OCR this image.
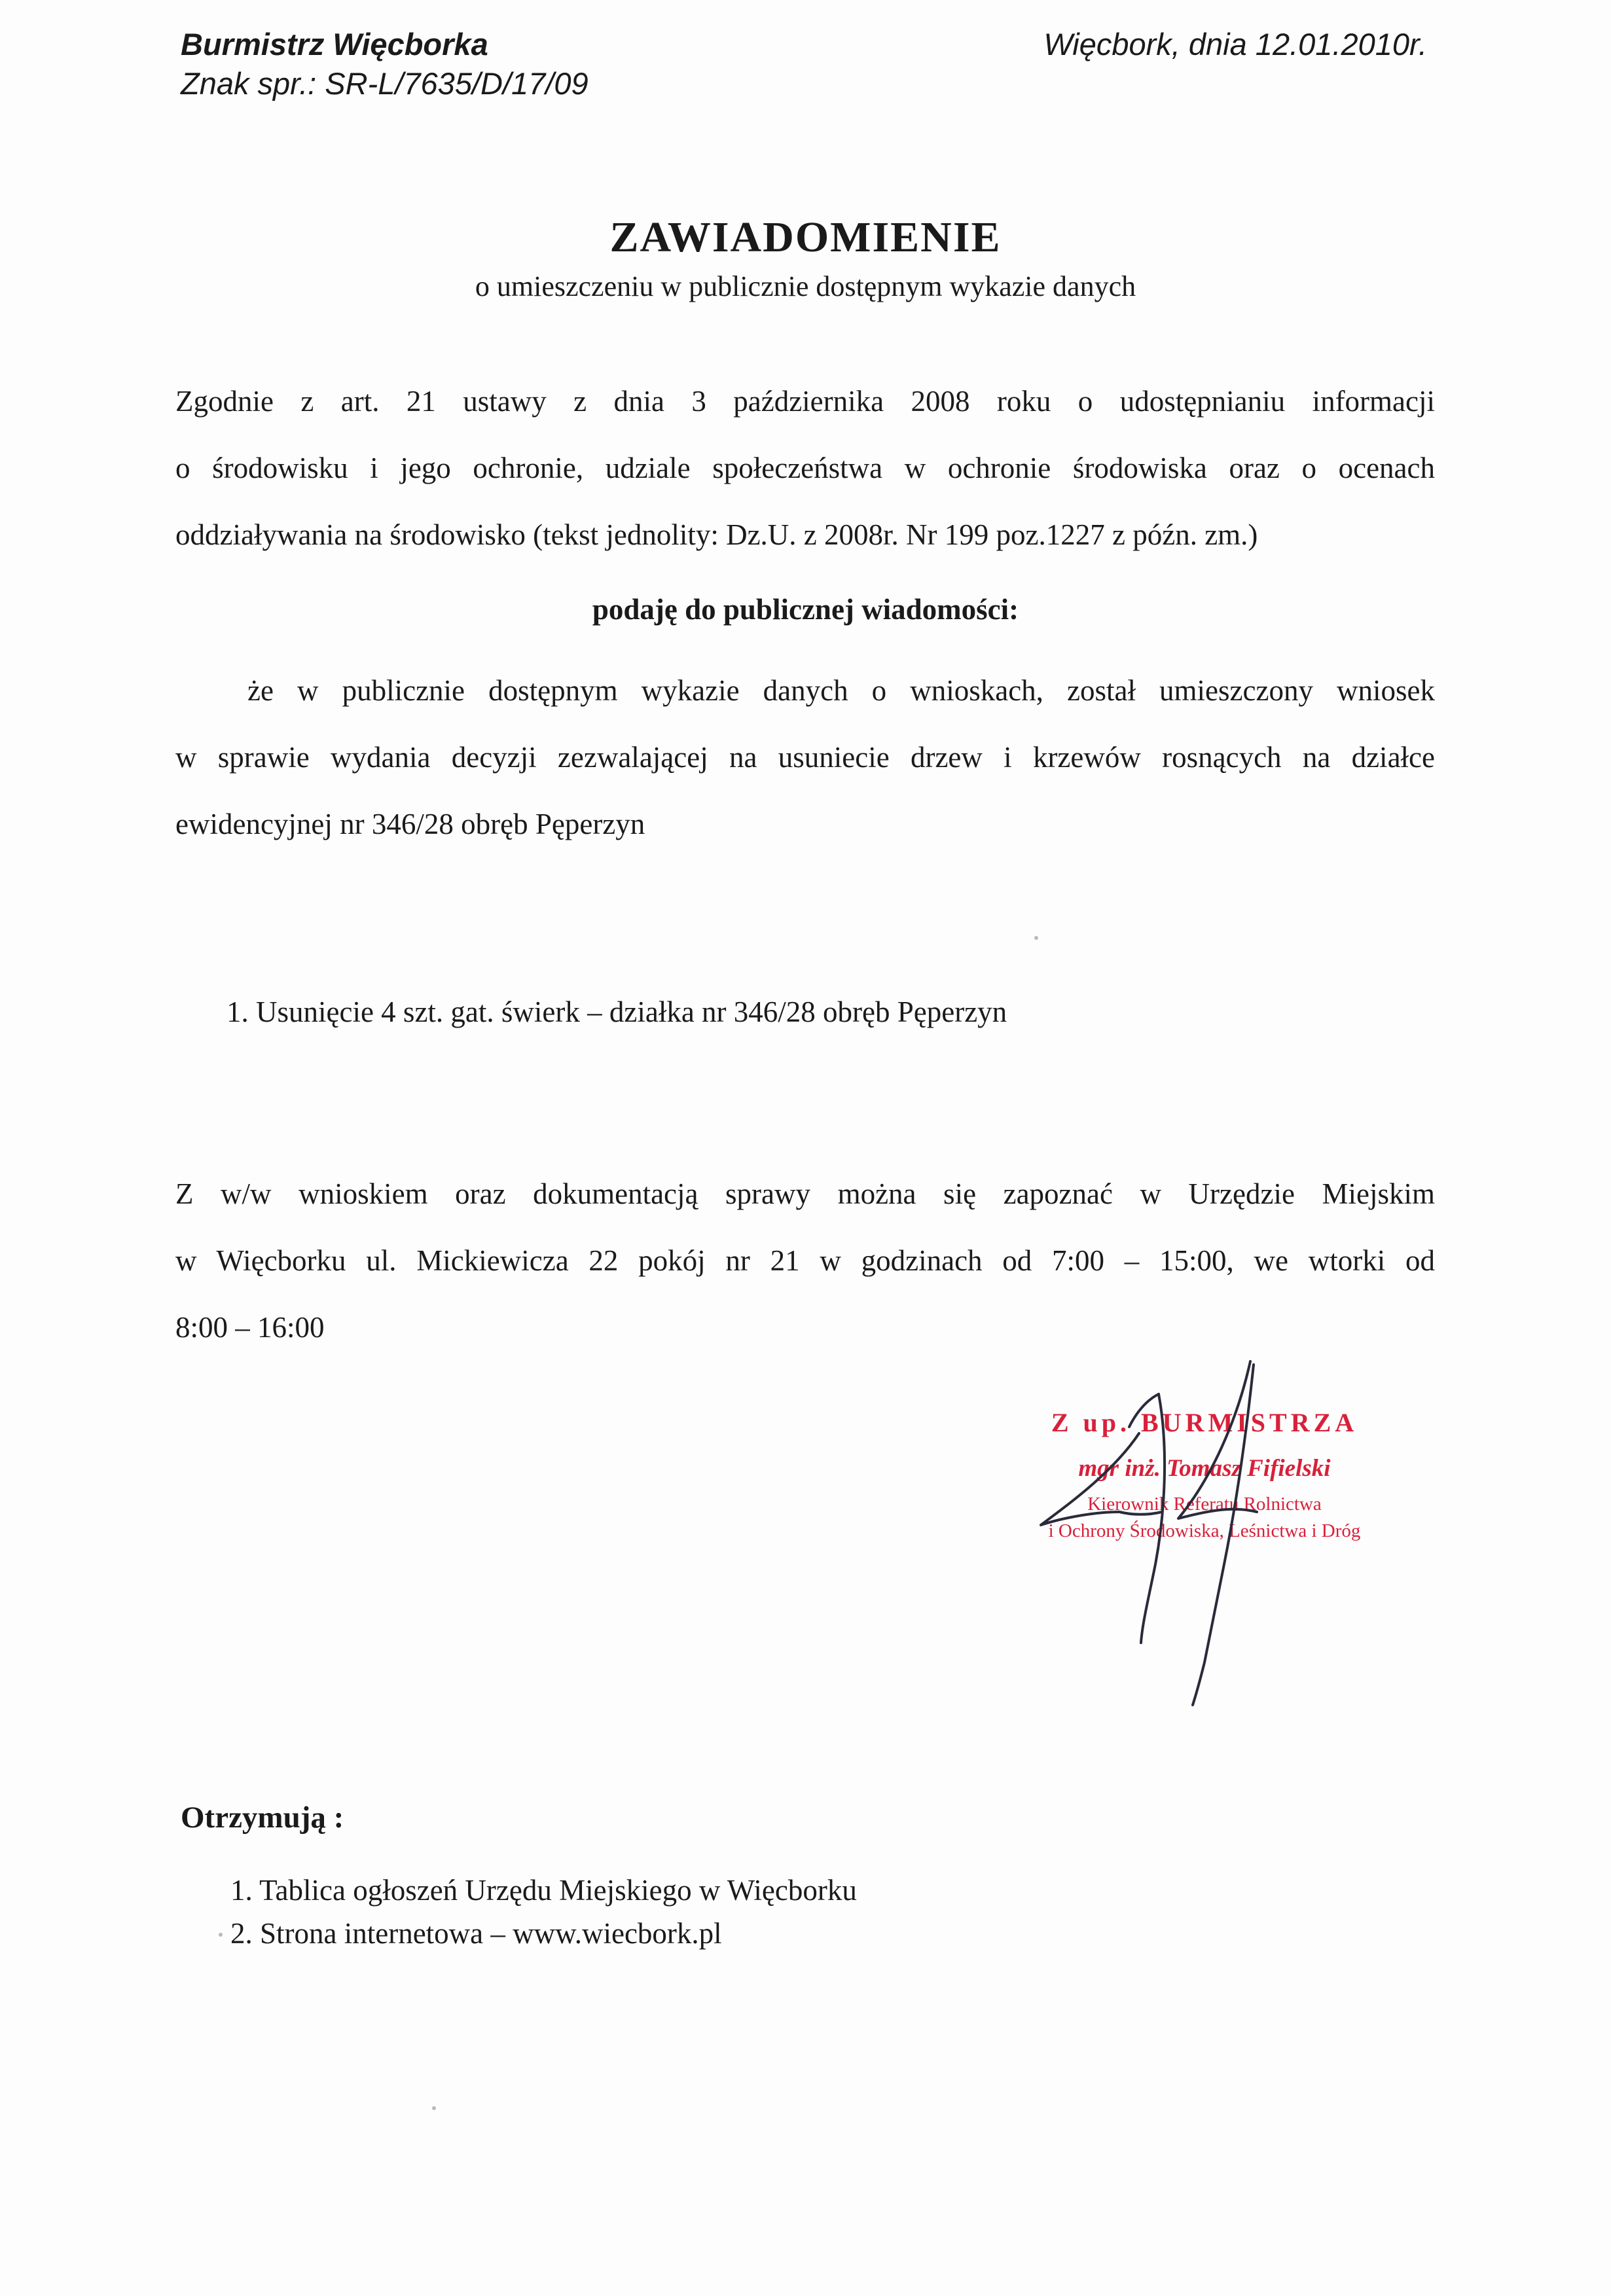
Burmistrz Więcborka
Znak spr.: SR-L/7635/D/17/09
Więcbork, dnia 12.01.2010r.
ZAWIADOMIENIE
o umieszczeniu w publicznie dostępnym wykazie danych
Zgodnie z art. 21 ustawy z dnia 3 października 2008 roku o udostępnianiu informacji
o środowisku i jego ochronie, udziale społeczeństwa w ochronie środowiska oraz o ocenach
oddziaływania na środowisko (tekst jednolity: Dz.U. z 2008r. Nr 199 poz.1227 z późn. zm.)
podaję do publicznej wiadomości:
że w publicznie dostępnym wykazie danych o wnioskach, został umieszczony wniosek
w sprawie wydania decyzji zezwalającej na usuniecie drzew i krzewów rosnących na działce
ewidencyjnej nr 346/28 obręb Pęperzyn
1. Usunięcie 4 szt. gat. świerk – działka nr 346/28 obręb Pęperzyn
Z w/w wnioskiem oraz dokumentacją sprawy można się zapoznać w Urzędzie Miejskim
w Więcborku ul. Mickiewicza 22 pokój nr 21 w godzinach od 7:00 – 15:00, we wtorki od
8:00 – 16:00
Z up. BURMISTRZA
mgr inż. Tomasz Fifielski
Kierownik Referatu Rolnictwa
i Ochrony Środowiska, Leśnictwa i Dróg
Otrzymują :
1. Tablica ogłoszeń Urzędu Miejskiego w Więcborku
2. Strona internetowa – www.wiecbork.pl
